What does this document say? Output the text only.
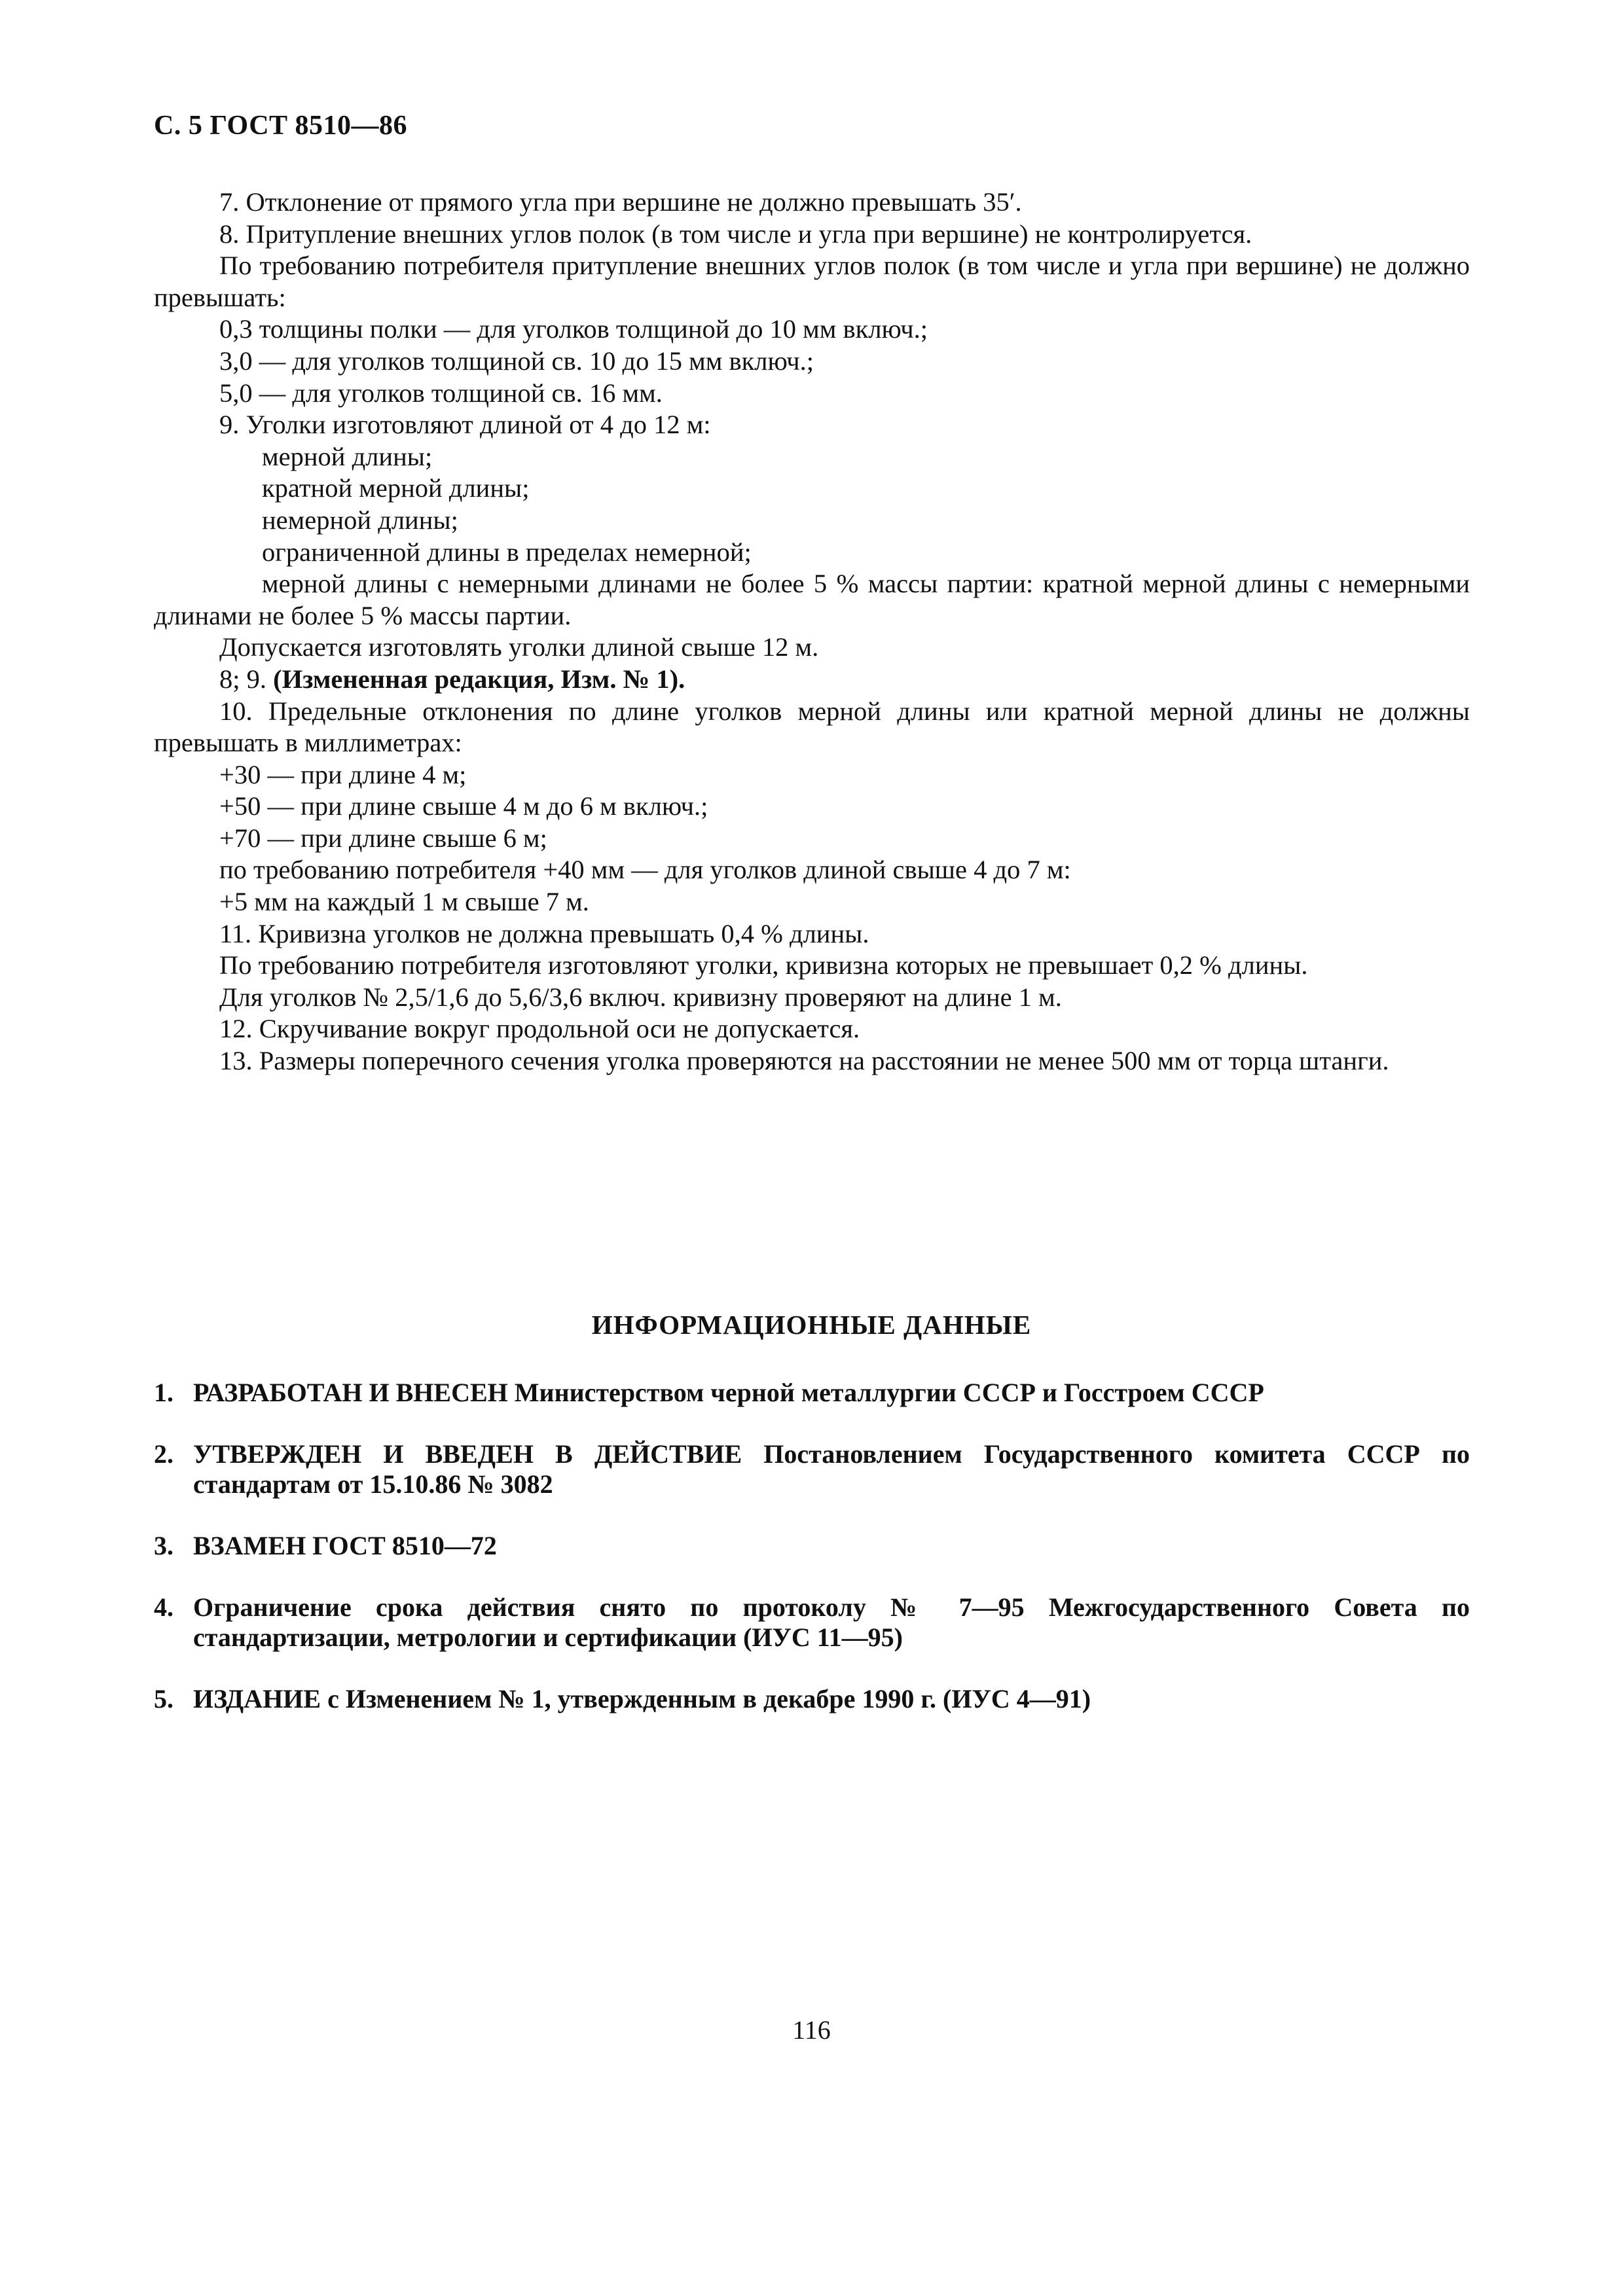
С. 5 ГОСТ 8510—86

7. Отклонение от прямого угла при вершине не должно превышать 35′.

8. Притупление внешних углов полок (в том числе и угла при вершине) не контролируется.

По требованию потребителя притупление внешних углов полок (в том числе и угла при вершине) не должно превышать:

0,3 толщины полки — для уголков толщиной до 10 мм включ.;

3,0 — для уголков толщиной св. 10 до 15 мм включ.;

5,0 — для уголков толщиной св. 16 мм.

9. Уголки изготовляют длиной от 4 до 12 м:

мерной длины;

кратной мерной длины;

немерной длины;

ограниченной длины в пределах немерной;

мерной длины с немерными длинами не более 5 % массы партии: кратной мерной длины с немерными длинами не более 5 % массы партии.

Допускается изготовлять уголки длиной свыше 12 м.

8; 9. (Измененная редакция, Изм. № 1).

10. Предельные отклонения по длине уголков мерной длины или кратной мерной длины не должны превышать в миллиметрах:

+30 — при длине 4 м;

+50 — при длине свыше 4 м до 6 м включ.;

+70 — при длине свыше 6 м;

по требованию потребителя +40 мм — для уголков длиной свыше 4 до 7 м:

+5 мм на каждый 1 м свыше 7 м.

11. Кривизна уголков не должна превышать 0,4 % длины.

По требованию потребителя изготовляют уголки, кривизна которых не превышает 0,2 % длины.

Для уголков № 2,5/1,6 до 5,6/3,6 включ. кривизну проверяют на длине 1 м.

12. Скручивание вокруг продольной оси не допускается.

13. Размеры поперечного сечения уголка проверяются на расстоянии не менее 500 мм от торца штанги.

ИНФОРМАЦИОННЫЕ ДАННЫЕ
1. РАЗРАБОТАН И ВНЕСЕН Министерством черной металлургии СССР и Госстроем СССР
2. УТВЕРЖДЕН И ВВЕДЕН В ДЕЙСТВИЕ Постановлением Государственного комитета СССР по стандартам от 15.10.86 № 3082
3. ВЗАМЕН ГОСТ 8510—72
4. Ограничение срока действия снято по протоколу № 7—95 Межгосударственного Совета по стандартизации, метрологии и сертификации (ИУС 11—95)
5. ИЗДАНИЕ с Изменением № 1, утвержденным в декабре 1990 г. (ИУС 4—91)
116
